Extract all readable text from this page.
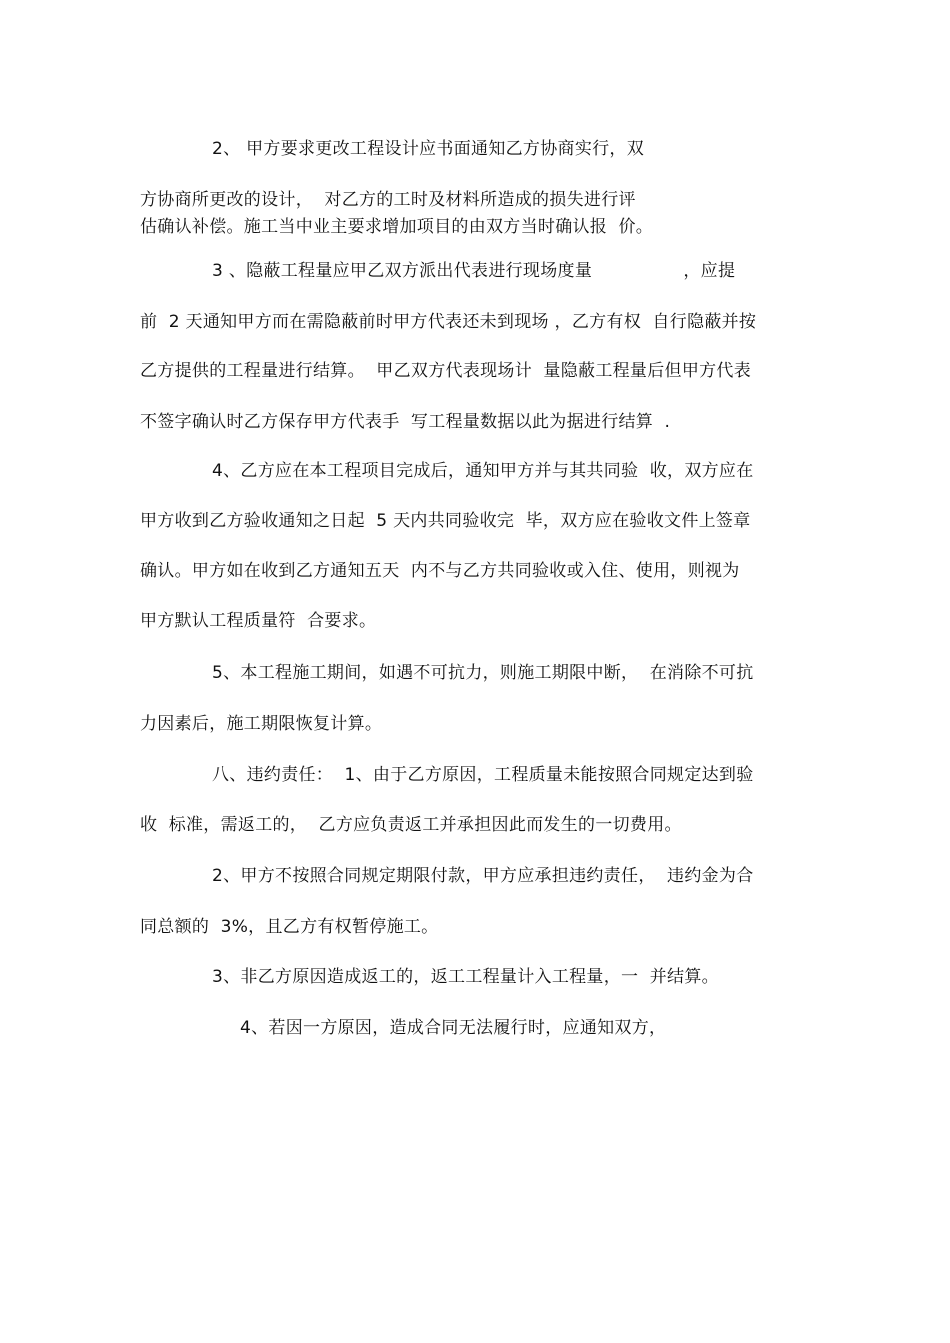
2、 甲方要求更改工程设计应书面通知乙方协商实行，双
方协商所更改的设计，  对乙方的工时及材料所造成的损失进行评
估确认补偿。施工当中业主要求增加项目的由双方当时确认报  价。
3 、隐蔽工程量应甲乙双方派出代表进行现场度量                ，应提
前  2 天通知甲方而在需隐蔽前时甲方代表还未到现场 ，乙方有权  自行隐蔽并按
乙方提供的工程量进行结算。  甲乙双方代表现场计  量隐蔽工程量后但甲方代表
不签字确认时乙方保存甲方代表手  写工程量数据以此为据进行结算  .
4、乙方应在本工程项目完成后，通知甲方并与其共同验  收，双方应在
甲方收到乙方验收通知之日起  5 天内共同验收完  毕，双方应在验收文件上签章
确认。甲方如在收到乙方通知五天  内不与乙方共同验收或入住、使用，则视为
甲方默认工程质量符  合要求。
5、本工程施工期间，如遇不可抗力，则施工期限中断，  在消除不可抗
力因素后，施工期限恢复计算。
八、违约责任：  1、由于乙方原因，工程质量未能按照合同规定达到验
收  标准，需返工的，  乙方应负责返工并承担因此而发生的一切费用。
2、甲方不按照合同规定期限付款，甲方应承担违约责任，  违约金为合
同总额的  3%，且乙方有权暂停施工。
3、非乙方原因造成返工的，返工工程量计入工程量，一  并结算。
4、若因一方原因，造成合同无法履行时，应通知双方，
